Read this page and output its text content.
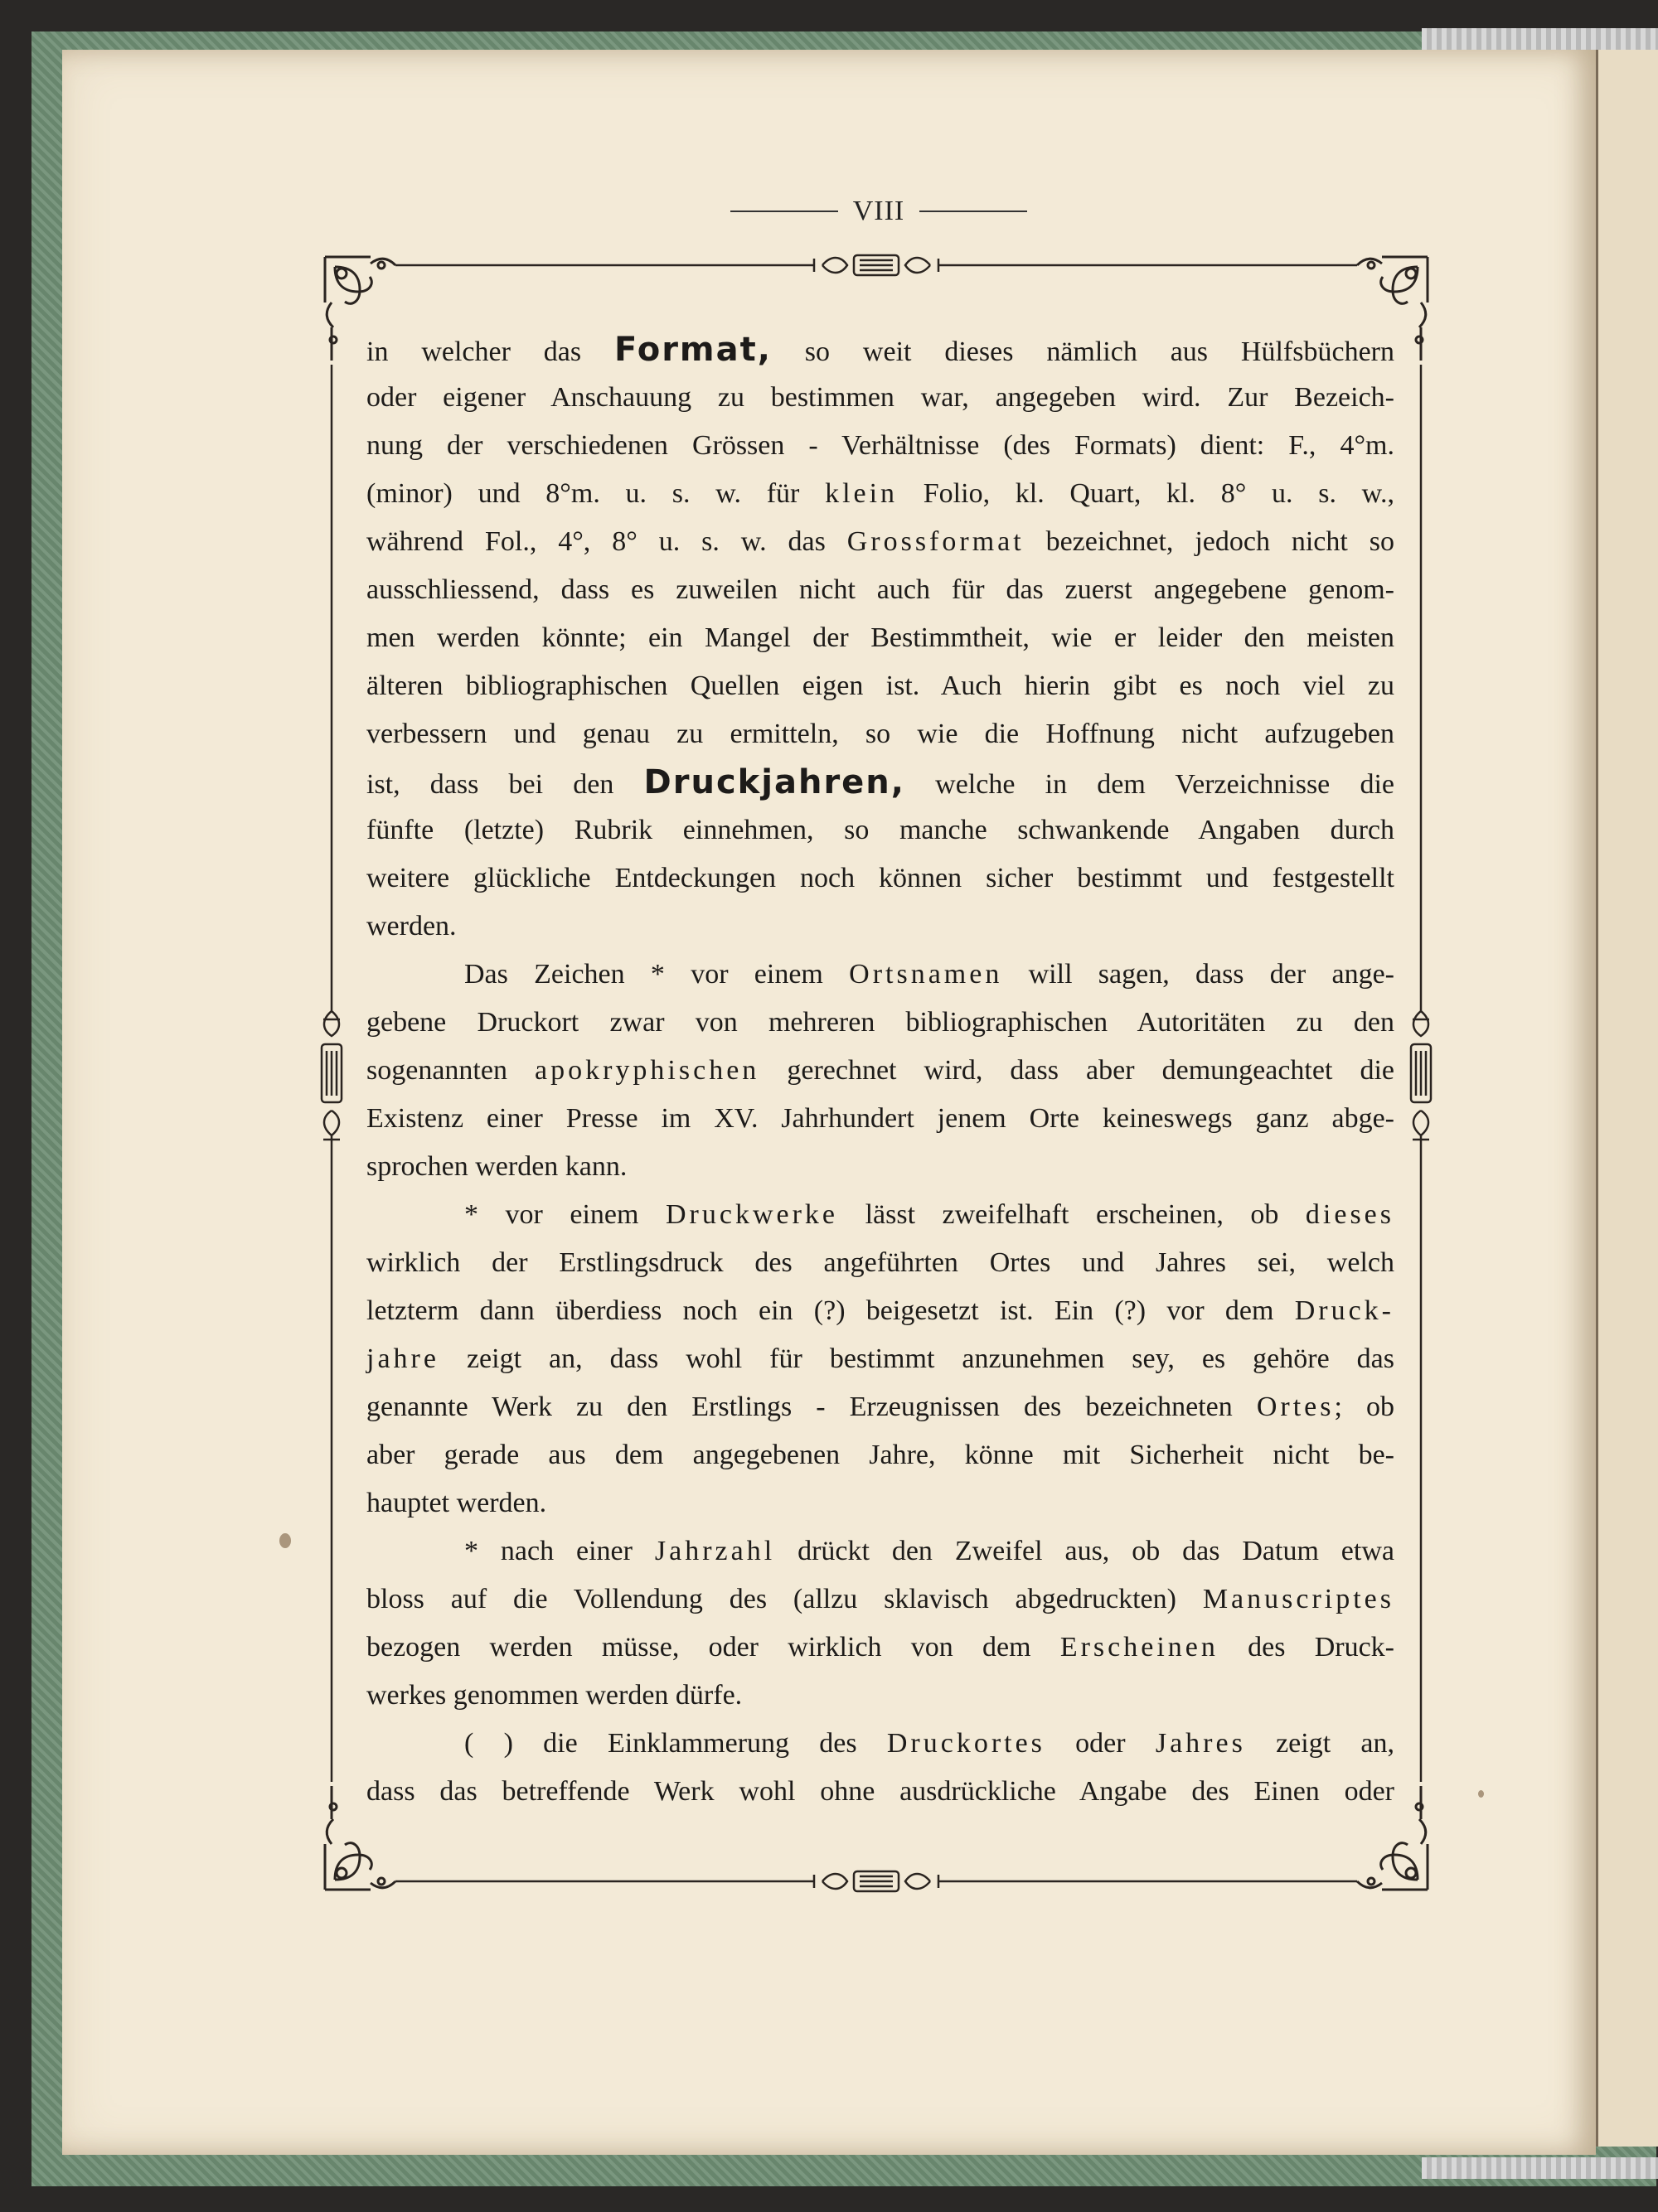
VIII
in welcher das Format, so weit dieses nämlich aus Hülfsbüchern
oder eigener Anschauung zu bestimmen war, angegeben wird. Zur Bezeich-
nung der verschiedenen Grössen - Verhältnisse (des Formats) dient: F., 4°m.
(minor) und 8°m. u. s. w. für klein Folio, kl. Quart, kl. 8° u. s. w.,
während Fol., 4°, 8° u. s. w. das Grossformat bezeichnet, jedoch nicht so
ausschliessend, dass es zuweilen nicht auch für das zuerst angegebene genom-
men werden könnte; ein Mangel der Bestimmtheit, wie er leider den meisten
älteren bibliographischen Quellen eigen ist. Auch hierin gibt es noch viel zu
verbessern und genau zu ermitteln, so wie die Hoffnung nicht aufzugeben
ist, dass bei den Druckjahren, welche in dem Verzeichnisse die
fünfte (letzte) Rubrik einnehmen, so manche schwankende Angaben durch
weitere glückliche Entdeckungen noch können sicher bestimmt und festgestellt
werden.
Das Zeichen * vor einem Ortsnamen will sagen, dass der ange-
gebene Druckort zwar von mehreren bibliographischen Autoritäten zu den
sogenannten apokryphischen gerechnet wird, dass aber demungeachtet die
Existenz einer Presse im XV. Jahrhundert jenem Orte keineswegs ganz abge-
sprochen werden kann.
* vor einem Druckwerke lässt zweifelhaft erscheinen, ob dieses
wirklich der Erstlingsdruck des angeführten Ortes und Jahres sei, welch
letzterm dann überdiess noch ein (?) beigesetzt ist. Ein (?) vor dem Druck-
jahre zeigt an, dass wohl für bestimmt anzunehmen sey, es gehöre das
genannte Werk zu den Erstlings - Erzeugnissen des bezeichneten Ortes; ob
aber gerade aus dem angegebenen Jahre, könne mit Sicherheit nicht be-
hauptet werden.
* nach einer Jahrzahl drückt den Zweifel aus, ob das Datum etwa
bloss auf die Vollendung des (allzu sklavisch abgedruckten) Manuscriptes
bezogen werden müsse, oder wirklich von dem Erscheinen des Druck-
werkes genommen werden dürfe.
( ) die Einklammerung des Druckortes oder Jahres zeigt an,
dass das betreffende Werk wohl ohne ausdrückliche Angabe des Einen oder
